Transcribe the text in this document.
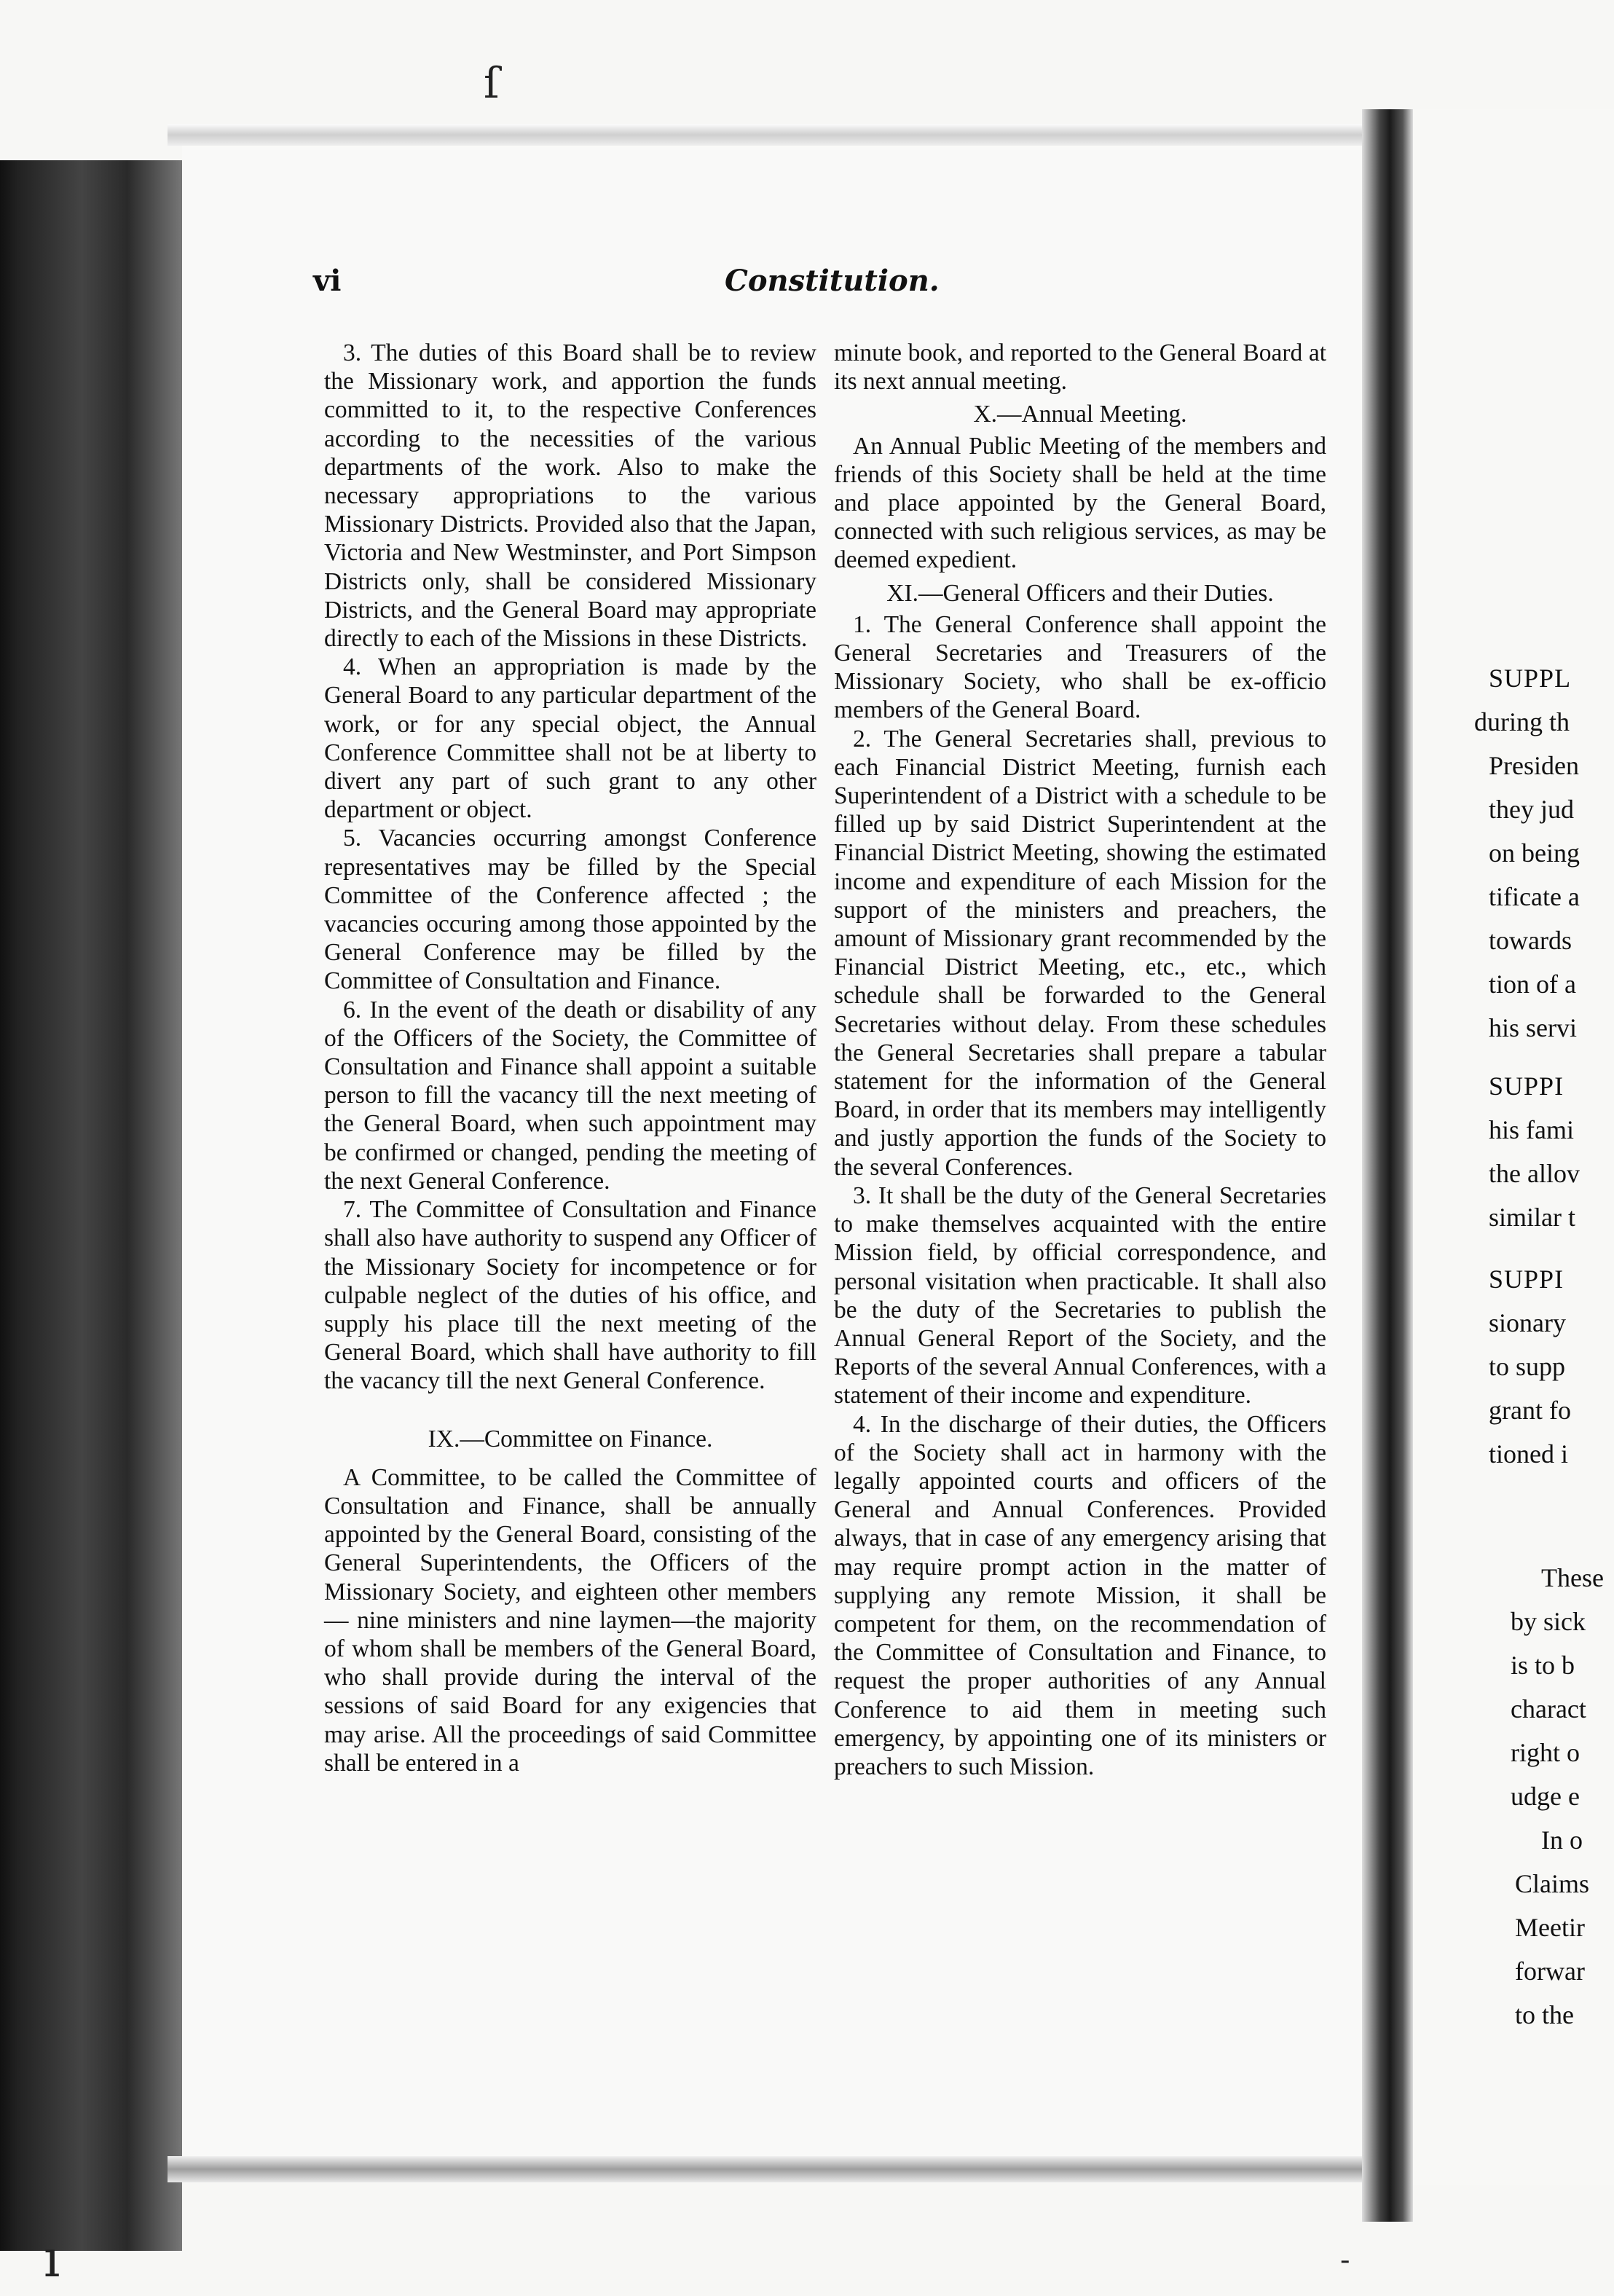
ſ
vi	Constitution.

3. The duties of this Board shall be to review the Missionary work, and apportion the funds committed to it, to the respective Conferences according to the necessities of the various departments of the work. Also to make the necessary appropriations to the various Missionary Districts. Provided also that the Japan, Victoria and New Westminster, and Port Simpson Districts only, shall be considered Missionary Districts, and the General Board may appropriate directly to each of the Missions in these Districts.

4. When an appropriation is made by the General Board to any particular department of the work, or for any special object, the Annual Conference Committee shall not be at liberty to divert any part of such grant to any other department or object.

5. Vacancies occurring amongst Conference representatives may be filled by the Special Committee of the Conference affected ; the vacancies occuring among those appointed by the General Conference may be filled by the Committee of Consultation and Finance.

6. In the event of the death or disability of any of the Officers of the Society, the Committee of Consultation and Finance shall appoint a suitable person to fill the vacancy till the next meeting of the General Board, when such appointment may be confirmed or changed, pending the meeting of the next General Conference.

7. The Committee of Consultation and Finance shall also have authority to suspend any Officer of the Missionary Society for incompetence or for culpable neglect of the duties of his office, and supply his place till the next meeting of the General Board, which shall have authority to fill the vacancy till the next General Conference.

IX.—Committee on Finance.

A Committee, to be called the Committee of Consultation and Finance, shall be annually appointed by the General Board, consisting of the General Superintendents, the Officers of the Missionary Society, and eighteen other members — nine ministers and nine laymen—the majority of whom shall be members of the General Board, who shall provide during the interval of the sessions of said Board for any exigencies that may arise. All the proceedings of said Committee shall be entered in a

minute book, and reported to the General Board at its next annual meeting.

X.—Annual Meeting.

An Annual Public Meeting of the members and friends of this Society shall be held at the time and place appointed by the General Board, connected with such religious services, as may be deemed expedient.

XI.—General Officers and their Duties.

1. The General Conference shall appoint the General Secretaries and Treasurers of the Missionary Society, who shall be ex-officio members of the General Board.

2. The General Secretaries shall, previous to each Financial District Meeting, furnish each Superintendent of a District with a schedule to be filled up by said District Superintendent at the Financial District Meeting, showing the estimated income and expenditure of each Mission for the support of the ministers and preachers, the amount of Missionary grant recommended by the Financial District Meeting, etc., etc., which schedule shall be forwarded to the General Secretaries without delay. From these schedules the General Secretaries shall prepare a tabular statement for the information of the General Board, in order that its members may intelligently and justly apportion the funds of the Society to the several Conferences.

3. It shall be the duty of the General Secretaries to make themselves acquainted with the entire Mission field, by official correspondence, and personal visitation when practicable. It shall also be the duty of the Secretaries to publish the Annual General Report of the Society, and the Reports of the several Annual Conferences, with a statement of their income and expenditure.

4. In the discharge of their duties, the Officers of the Society shall act in harmony with the legally appointed courts and officers of the General and Annual Conferences. Provided always, that in case of any emergency arising that may require prompt action in the matter of supplying any remote Mission, it shall be competent for them, on the recommendation of the Committee of Consultation and Finance, to request the proper authorities of any Annual Conference to aid them in meeting such emergency, by appointing one of its ministers or preachers to such Mission.

SUPPL
during th
Presiden
they jud
on being
tificate a
towards
tion of a
his servi
SUPPI
his fami
the allov
similar t
SUPPI
sionary
to supp
grant fo
tioned i
These
by sick
is to b
charact
right o
udge e
In o
Claims
Meetir
forwar
to the
ı	-
